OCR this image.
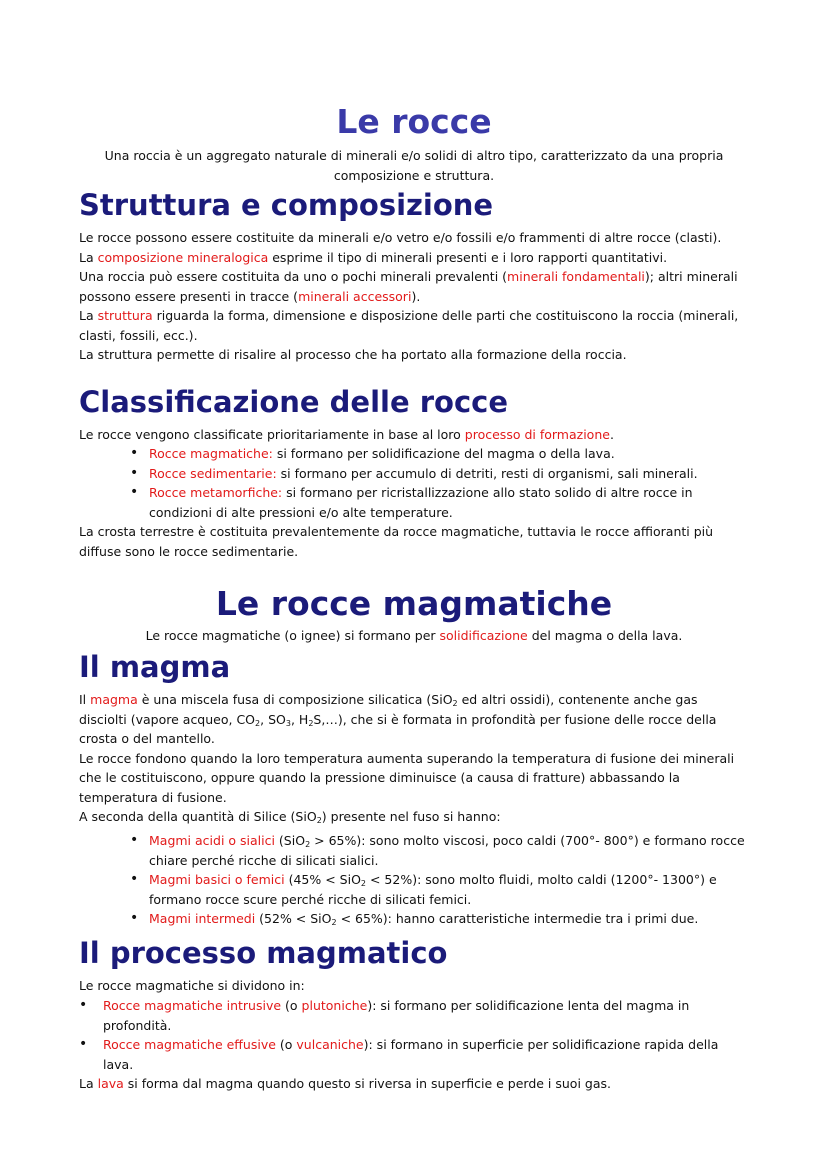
Le rocce
Una roccia è un aggregato naturale di minerali e/o solidi di altro tipo, caratterizzato da una propria composizione e struttura.
Struttura e composizione
Le rocce possono essere costituite da minerali e/o vetro e/o fossili e/o frammenti di altre rocce (clasti).
La composizione mineralogica esprime il tipo di minerali presenti e i loro rapporti quantitativi.
Una roccia può essere costituita da uno o pochi minerali prevalenti (minerali fondamentali); altri minerali possono essere presenti in tracce (minerali accessori).
La struttura riguarda la forma, dimensione e disposizione delle parti che costituiscono la roccia (minerali, clasti, fossili, ecc.).
La struttura permette di risalire al processo che ha portato alla formazione della roccia.
Classificazione delle rocce
Le rocce vengono classificate prioritariamente in base al loro processo di formazione.
• Rocce magmatiche: si formano per solidificazione del magma o della lava.
• Rocce sedimentarie: si formano per accumulo di detriti, resti di organismi, sali minerali.
• Rocce metamorfiche: si formano per ricristallizzazione allo stato solido di altre rocce in condizioni di alte pressioni e/o alte temperature.
La crosta terrestre è costituita prevalentemente da rocce magmatiche, tuttavia le rocce affioranti più diffuse sono le rocce sedimentarie.
Le rocce magmatiche
Le rocce magmatiche (o ignee) si formano per solidificazione del magma o della lava.
Il magma
Il magma è una miscela fusa di composizione silicatica (SiO$_2$ ed altri ossidi), contenente anche gas disciolti (vapore acqueo, $CO_2$, $SO_3$, $H_2S,\dots$), che si è formata in profondità per fusione delle rocce della crosta o del mantello.
Le rocce fondono quando la loro temperatura aumenta superando la temperatura di fusione dei minerali che le costituiscono, oppure quando la pressione diminuisce (a causa di fratture) abbassando la temperatura di fusione.
A seconda della quantità di Silice (SiO$_2$) presente nel fuso si hanno:
• Magmi acidi o sialici (SiO$_2$ > 65%): sono molto viscosi, poco caldi (700°- 800°) e formano rocce chiare perché ricche di silicati sialici.
• Magmi basici o femici (45% < SiO$_2$ < 52%): sono molto fluidi, molto caldi (1200°- 1300°) e formano rocce scure perché ricche di silicati femici.
• Magmi intermedi (52% < SiO$_2$ < 65%): hanno caratteristiche intermedie tra i primi due.
Il processo magmatico
Le rocce magmatiche si dividono in:
• Rocce magmatiche intrusive (o plutoniche): si formano per solidificazione lenta del magma in profondità.
• Rocce magmatiche effusive (o vulcaniche): si formano in superficie per solidificazione rapida della lava.
La lava si forma dal magma quando questo si riversa in superficie e perde i suoi gas.
